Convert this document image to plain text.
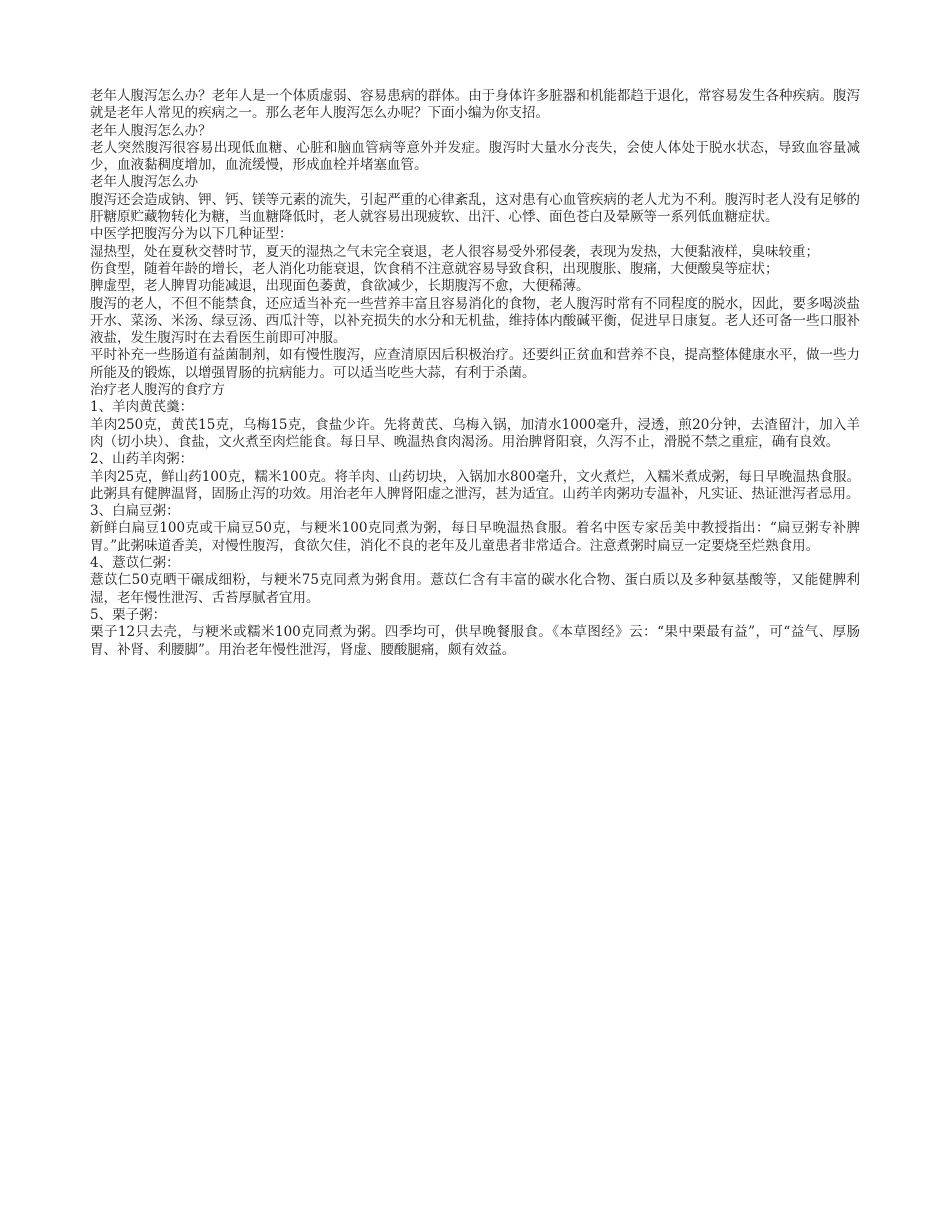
老年人腹泻怎么办？老年人是一个体质虚弱、容易患病的群体。由于身体许多脏器和机能都趋于退化，常容易发生各种疾病。腹泻就是老年人常见的疾病之一。那么老年人腹泻怎么办呢？下面小编为你支招。

老年人腹泻怎么办？

老人突然腹泻很容易出现低血糖、心脏和脑血管病等意外并发症。腹泻时大量水分丧失，会使人体处于脱水状态，导致血容量减少，血液黏稠度增加，血流缓慢，形成血栓并堵塞血管。

老年人腹泻怎么办

腹泻还会造成钠、钾、钙、镁等元素的流失，引起严重的心律紊乱，这对患有心血管疾病的老人尤为不利。腹泻时老人没有足够的肝糖原贮藏物转化为糖，当血糖降低时，老人就容易出现疲软、出汗、心悸、面色苍白及晕厥等一系列低血糖症状。

中医学把腹泻分为以下几种证型：

湿热型，处在夏秋交替时节，夏天的湿热之气未完全衰退，老人很容易受外邪侵袭，表现为发热，大便黏液样，臭味较重；

伤食型，随着年龄的增长，老人消化功能衰退，饮食稍不注意就容易导致食积，出现腹胀、腹痛，大便酸臭等症状；

脾虚型，老人脾胃功能减退，出现面色萎黄，食欲减少，长期腹泻不愈，大便稀薄。

腹泻的老人，不但不能禁食，还应适当补充一些营养丰富且容易消化的食物，老人腹泻时常有不同程度的脱水，因此，要多喝淡盐开水、菜汤、米汤、绿豆汤、西瓜汁等，以补充损失的水分和无机盐，维持体内酸碱平衡，促进早日康复。老人还可备一些口服补液盐，发生腹泻时在去看医生前即可冲服。

平时补充一些肠道有益菌制剂，如有慢性腹泻，应查清原因后积极治疗。还要纠正贫血和营养不良，提高整体健康水平，做一些力所能及的锻炼，以增强胃肠的抗病能力。可以适当吃些大蒜，有利于杀菌。

治疗老人腹泻的食疗方

1、羊肉黄芪羹：

羊肉250克，黄芪15克，乌梅15克，食盐少许。先将黄芪、乌梅入锅，加清水1000毫升，浸透，煎20分钟，去渣留汁，加入羊肉（切小块）、食盐，文火煮至肉烂能食。每日早、晚温热食肉渴汤。用治脾肾阳衰，久泻不止，滑脱不禁之重症，确有良效。

2、山药羊肉粥：

羊肉25克，鲜山药100克，糯米100克。将羊肉、山药切块，入锅加水800毫升，文火煮烂，入糯米煮成粥，每日早晚温热食服。此粥具有健脾温肾，固肠止泻的功效。用治老年人脾肾阳虚之泄泻，甚为适宜。山药羊肉粥功专温补，凡实证、热证泄泻者忌用。

3、白扁豆粥：

新鲜白扁豆100克或干扁豆50克，与粳米100克同煮为粥，每日早晚温热食服。着名中医专家岳美中教授指出：“扁豆粥专补脾胃。”此粥味道香美，对慢性腹泻，食欲欠佳，消化不良的老年及儿童患者非常适合。注意煮粥时扁豆一定要烧至烂熟食用。

4、薏苡仁粥：

薏苡仁50克晒干碾成细粉，与粳米75克同煮为粥食用。薏苡仁含有丰富的碳水化合物、蛋白质以及多种氨基酸等，又能健脾利湿，老年慢性泄泻、舌苔厚腻者宜用。

5、栗子粥：

栗子12只去壳，与粳米或糯米100克同煮为粥。四季均可，供早晚餐服食。《本草图经》云：“果中栗最有益”，可“益气、厚肠胃、补肾、利腰脚”。用治老年慢性泄泻，肾虚、腰酸腿痛，颇有效益。
